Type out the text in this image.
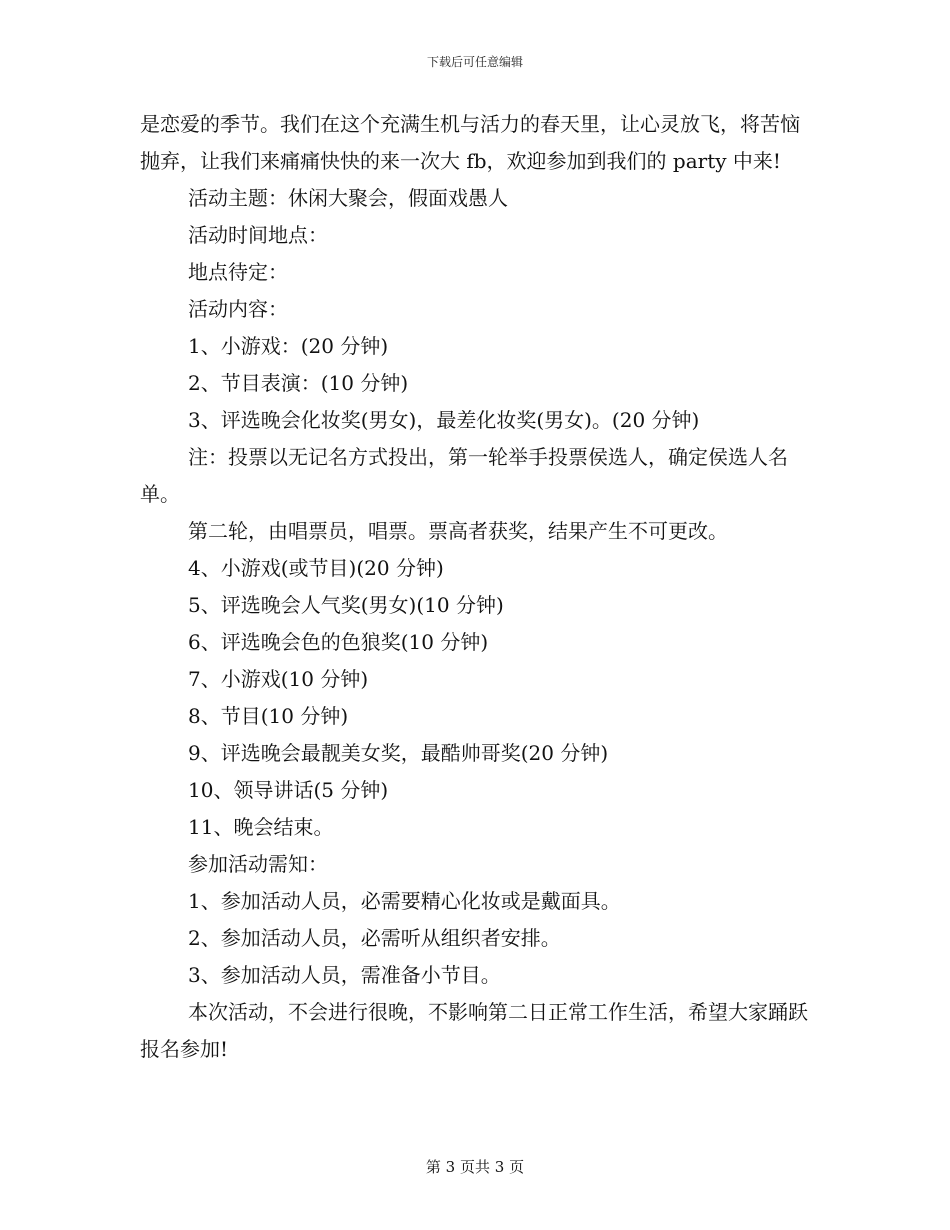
下载后可任意编辑

是恋爱的季节。我们在这个充满生机与活力的春天里，让心灵放飞，将苦恼抛弃，让我们来痛痛快快的来一次大 fb，欢迎参加到我们的 party 中来!

活动主题：休闲大聚会，假面戏愚人

活动时间地点：

地点待定：

活动内容：

1、小游戏：(20 分钟)

2、节目表演：(10 分钟)

3、评选晚会化妆奖(男女)，最差化妆奖(男女)。(20 分钟)

注：投票以无记名方式投出，第一轮举手投票侯选人，确定侯选人名单。

第二轮，由唱票员，唱票。票高者获奖，结果产生不可更改。

4、小游戏(或节目)(20 分钟)

5、评选晚会人气奖(男女)(10 分钟)

6、评选晚会色的色狼奖(10 分钟)

7、小游戏(10 分钟)

8、节目(10 分钟)

9、评选晚会最靓美女奖，最酷帅哥奖(20 分钟)

10、领导讲话(5 分钟)

11、晚会结束。

参加活动需知：

1、参加活动人员，必需要精心化妆或是戴面具。

2、参加活动人员，必需听从组织者安排。

3、参加活动人员，需准备小节目。

本次活动，不会进行很晚，不影响第二日正常工作生活，希望大家踊跃报名参加!

第 3 页共 3 页
